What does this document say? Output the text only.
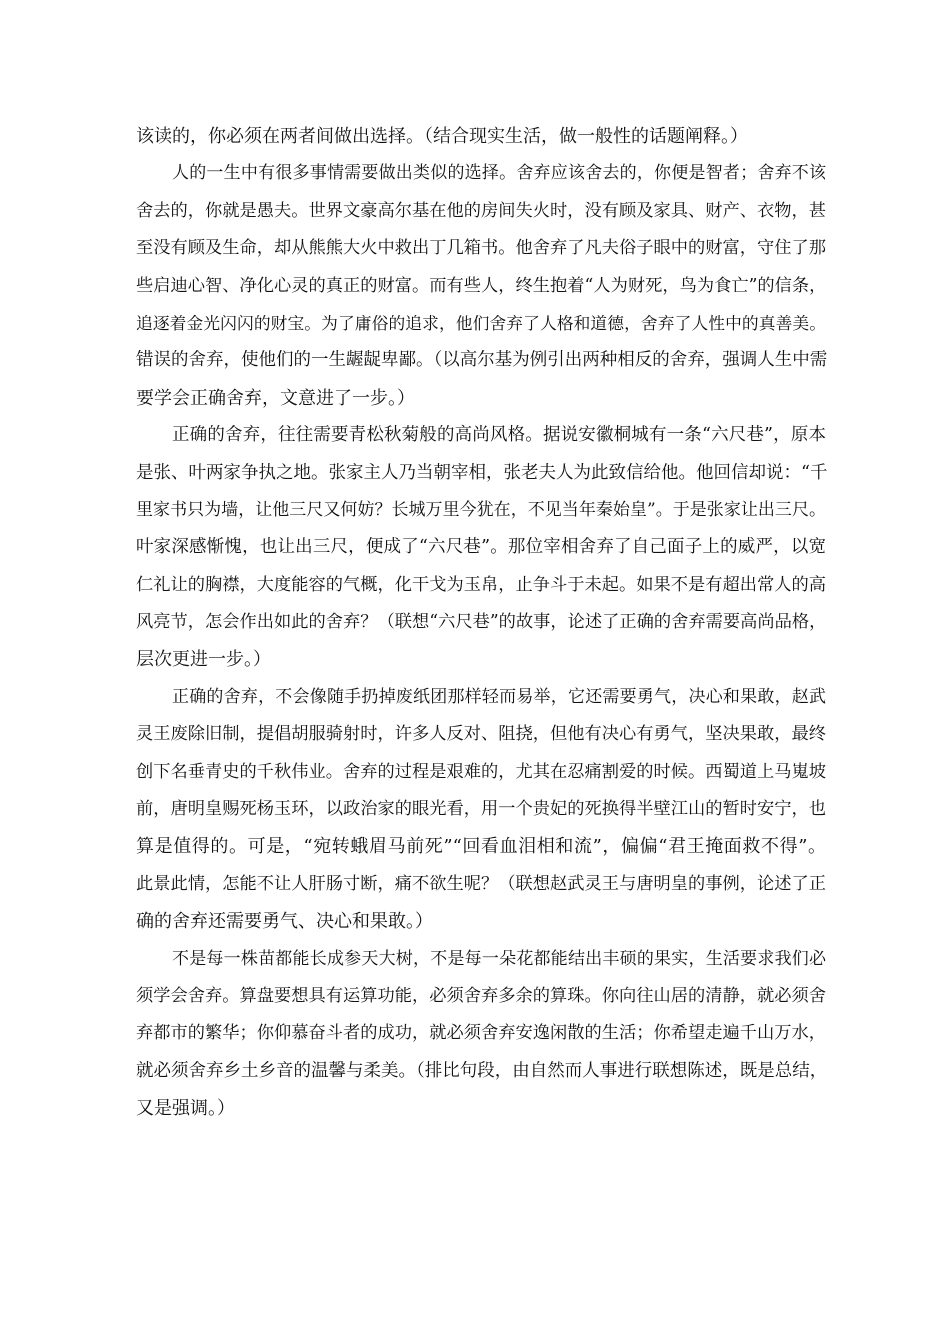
该读的，你必须在两者间做出选择。（结合现实生活，做一般性的话题阐释。）
人的一生中有很多事情需要做出类似的选择。舍弃应该舍去的，你便是智者；舍弃不该
舍去的，你就是愚夫。世界文豪高尔基在他的房间失火时，没有顾及家具、财产、衣物，甚
至没有顾及生命，却从熊熊大火中救出丁几箱书。他舍弃了凡夫俗子眼中的财富，守住了那
些启迪心智、净化心灵的真正的财富。而有些人，终生抱着“人为财死，鸟为食亡”的信条，
追逐着金光闪闪的财宝。为了庸俗的追求，他们舍弃了人格和道德，舍弃了人性中的真善美。
错误的舍弃，使他们的一生龌龊卑鄙。（以高尔基为例引出两种相反的舍弃，强调人生中需
要学会正确舍弃，文意进了一步。）
正确的舍弃，往往需要青松秋菊般的高尚风格。据说安徽桐城有一条“六尺巷”，原本
是张、叶两家争执之地。张家主人乃当朝宰相，张老夫人为此致信给他。他回信却说：“千
里家书只为墙，让他三尺又何妨？长城万里今犹在，不见当年秦始皇”。于是张家让出三尺。
叶家深感惭愧，也让出三尺，便成了“六尺巷”。那位宰相舍弃了自己面子上的威严，以宽
仁礼让的胸襟，大度能容的气概，化干戈为玉帛，止争斗于未起。如果不是有超出常人的高
风亮节，怎会作出如此的舍弃？（联想“六尺巷”的故事，论述了正确的舍弃需要高尚品格，
层次更进一步。）
正确的舍弃，不会像随手扔掉废纸团那样轻而易举，它还需要勇气，决心和果敢，赵武
灵王废除旧制，提倡胡服骑射时，许多人反对、阻挠，但他有决心有勇气，坚决果敢，最终
创下名垂青史的千秋伟业。舍弃的过程是艰难的，尤其在忍痛割爱的时候。西蜀道上马嵬坡
前，唐明皇赐死杨玉环，以政治家的眼光看，用一个贵妃的死换得半壁江山的暂时安宁，也
算是值得的。可是，“宛转蛾眉马前死”“回看血泪相和流”，偏偏“君王掩面救不得”。
此景此情，怎能不让人肝肠寸断，痛不欲生呢？（联想赵武灵王与唐明皇的事例，论述了正
确的舍弃还需要勇气、决心和果敢。）
不是每一株苗都能长成参天大树，不是每一朵花都能结出丰硕的果实，生活要求我们必
须学会舍弃。算盘要想具有运算功能，必须舍弃多余的算珠。你向往山居的清静，就必须舍
弃都市的繁华；你仰慕奋斗者的成功，就必须舍弃安逸闲散的生活；你希望走遍千山万水，
就必须舍弃乡土乡音的温馨与柔美。（排比句段，由自然而人事进行联想陈述，既是总结，
又是强调。）
